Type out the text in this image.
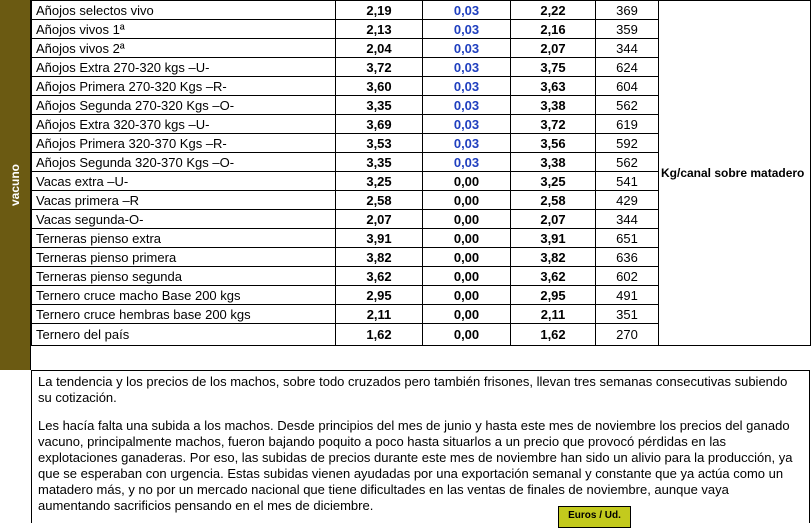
vacuno
Añojos selectos vivo	2,19	0,03	2,22	369	Kg/canal sobre matadero
Añojos vivos 1ª	2,13	0,03	2,16	359	
Añojos vivos 2ª	2,04	0,03	2,07	344	
Añojos Extra 270-320 kgs –U-	3,72	0,03	3,75	624	
Añojos Primera 270-320 Kgs –R-	3,60	0,03	3,63	604	
Añojos Segunda 270-320 Kgs –O-	3,35	0,03	3,38	562	
Añojos Extra 320-370 kgs –U-	3,69	0,03	3,72	619	
Añojos Primera 320-370 Kgs –R-	3,53	0,03	3,56	592	
Añojos Segunda 320-370 Kgs –O-	3,35	0,03	3,38	562	
Vacas extra –U-	3,25	0,00	3,25	541	
Vacas primera –R	2,58	0,00	2,58	429	
Vacas segunda-O-	2,07	0,00	2,07	344	
Terneras pienso extra	3,91	0,00	3,91	651	
Terneras pienso primera	3,82	0,00	3,82	636	
Terneras pienso segunda	3,62	0,00	3,62	602	
Ternero cruce macho Base 200 kgs	2,95	0,00	2,95	491	
Ternero cruce hembras base 200 kgs	2,11	0,00	2,11	351	
Ternero del país	1,62	0,00	1,62	270	

La tendencia y los precios de los machos, sobre todo cruzados pero también frisones, llevan tres semanas consecutivas subiendo su cotización.

Les hacía falta una subida a los machos. Desde principios del mes de junio y hasta este mes de noviembre los precios del ganado vacuno, principalmente machos, fueron bajando poquito a poco hasta situarlos a un precio que provocó pérdidas en las explotaciones ganaderas. Por eso, las subidas de precios durante este mes de noviembre han sido un alivio para la producción, ya que se esperaban con urgencia. Estas subidas vienen ayudadas por una exportación semanal y constante que ya actúa como un matadero más, y no por un mercado nacional que tiene dificultades en las ventas de finales de noviembre, aunque vaya aumentando sacrificios pensando en el mes de diciembre.

Euros / Ud.
